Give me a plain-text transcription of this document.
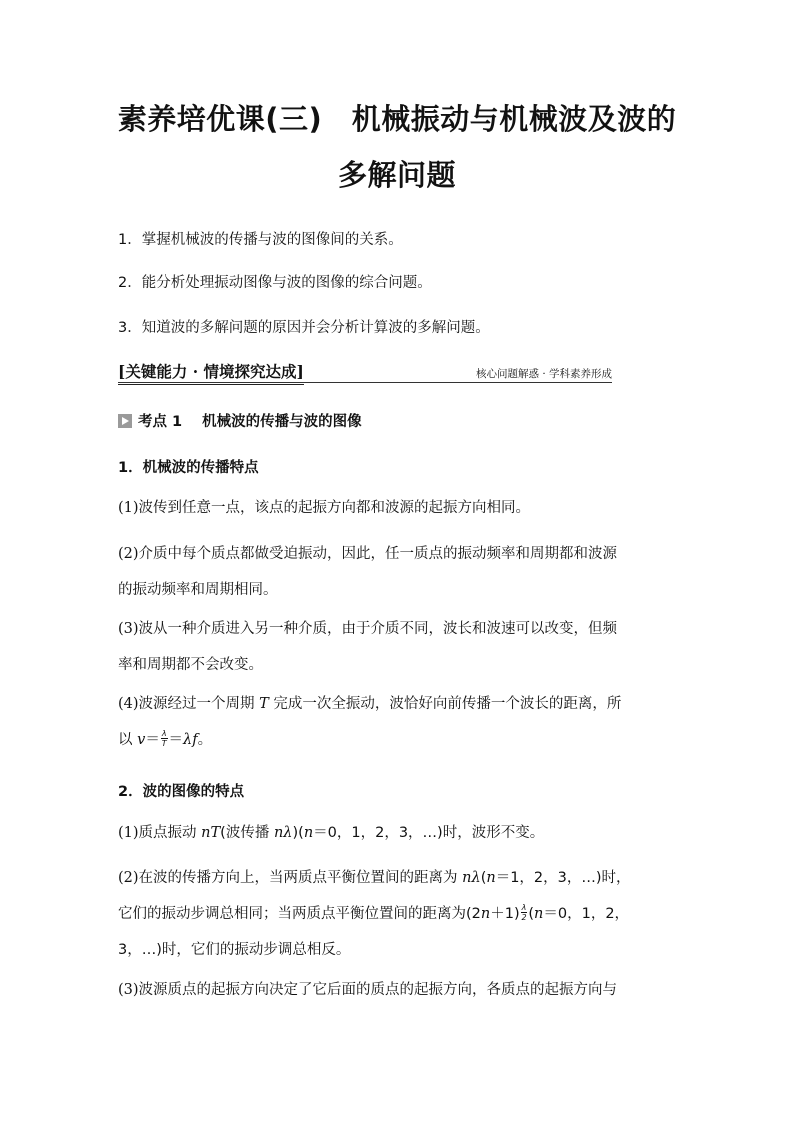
素养培优课(三)　机械振动与机械波及波的
多解问题
1．掌握机械波的传播与波的图像间的关系。
2．能分析处理振动图像与波的图像的综合问题。
3．知道波的多解问题的原因并会分析计算波的多解问题。
[关键能力 · 情境探究达成]	核心问题解惑 · 学科素养形成
考点 1 机械波的传播与波的图像
1．机械波的传播特点
(1)波传到任意一点，该点的起振方向都和波源的起振方向相同。
(2)介质中每个质点都做受迫振动，因此，任一质点的振动频率和周期都和波源
的振动频率和周期相同。
(3)波从一种介质进入另一种介质，由于介质不同，波长和波速可以改变，但频
率和周期都不会改变。
(4)波源经过一个周期 T 完成一次全振动，波恰好向前传播一个波长的距离，所
以 $v= \frac{\lambda}{T} =\lambda f$。
2．波的图像的特点
(1)质点振动 nT(波传播 nλ)(n＝0，1，2，3，…)时，波形不变。
(2)在波的传播方向上，当两质点平衡位置间的距离为 nλ(n＝1，2，3，…)时，
它们的振动步调总相同；当两质点平衡位置间的距离为$(2n+1) \frac{\lambda}{2} (n=0$，1，2，
3，…)时，它们的振动步调总相反。
(3)波源质点的起振方向决定了它后面的质点的起振方向，各质点的起振方向与
